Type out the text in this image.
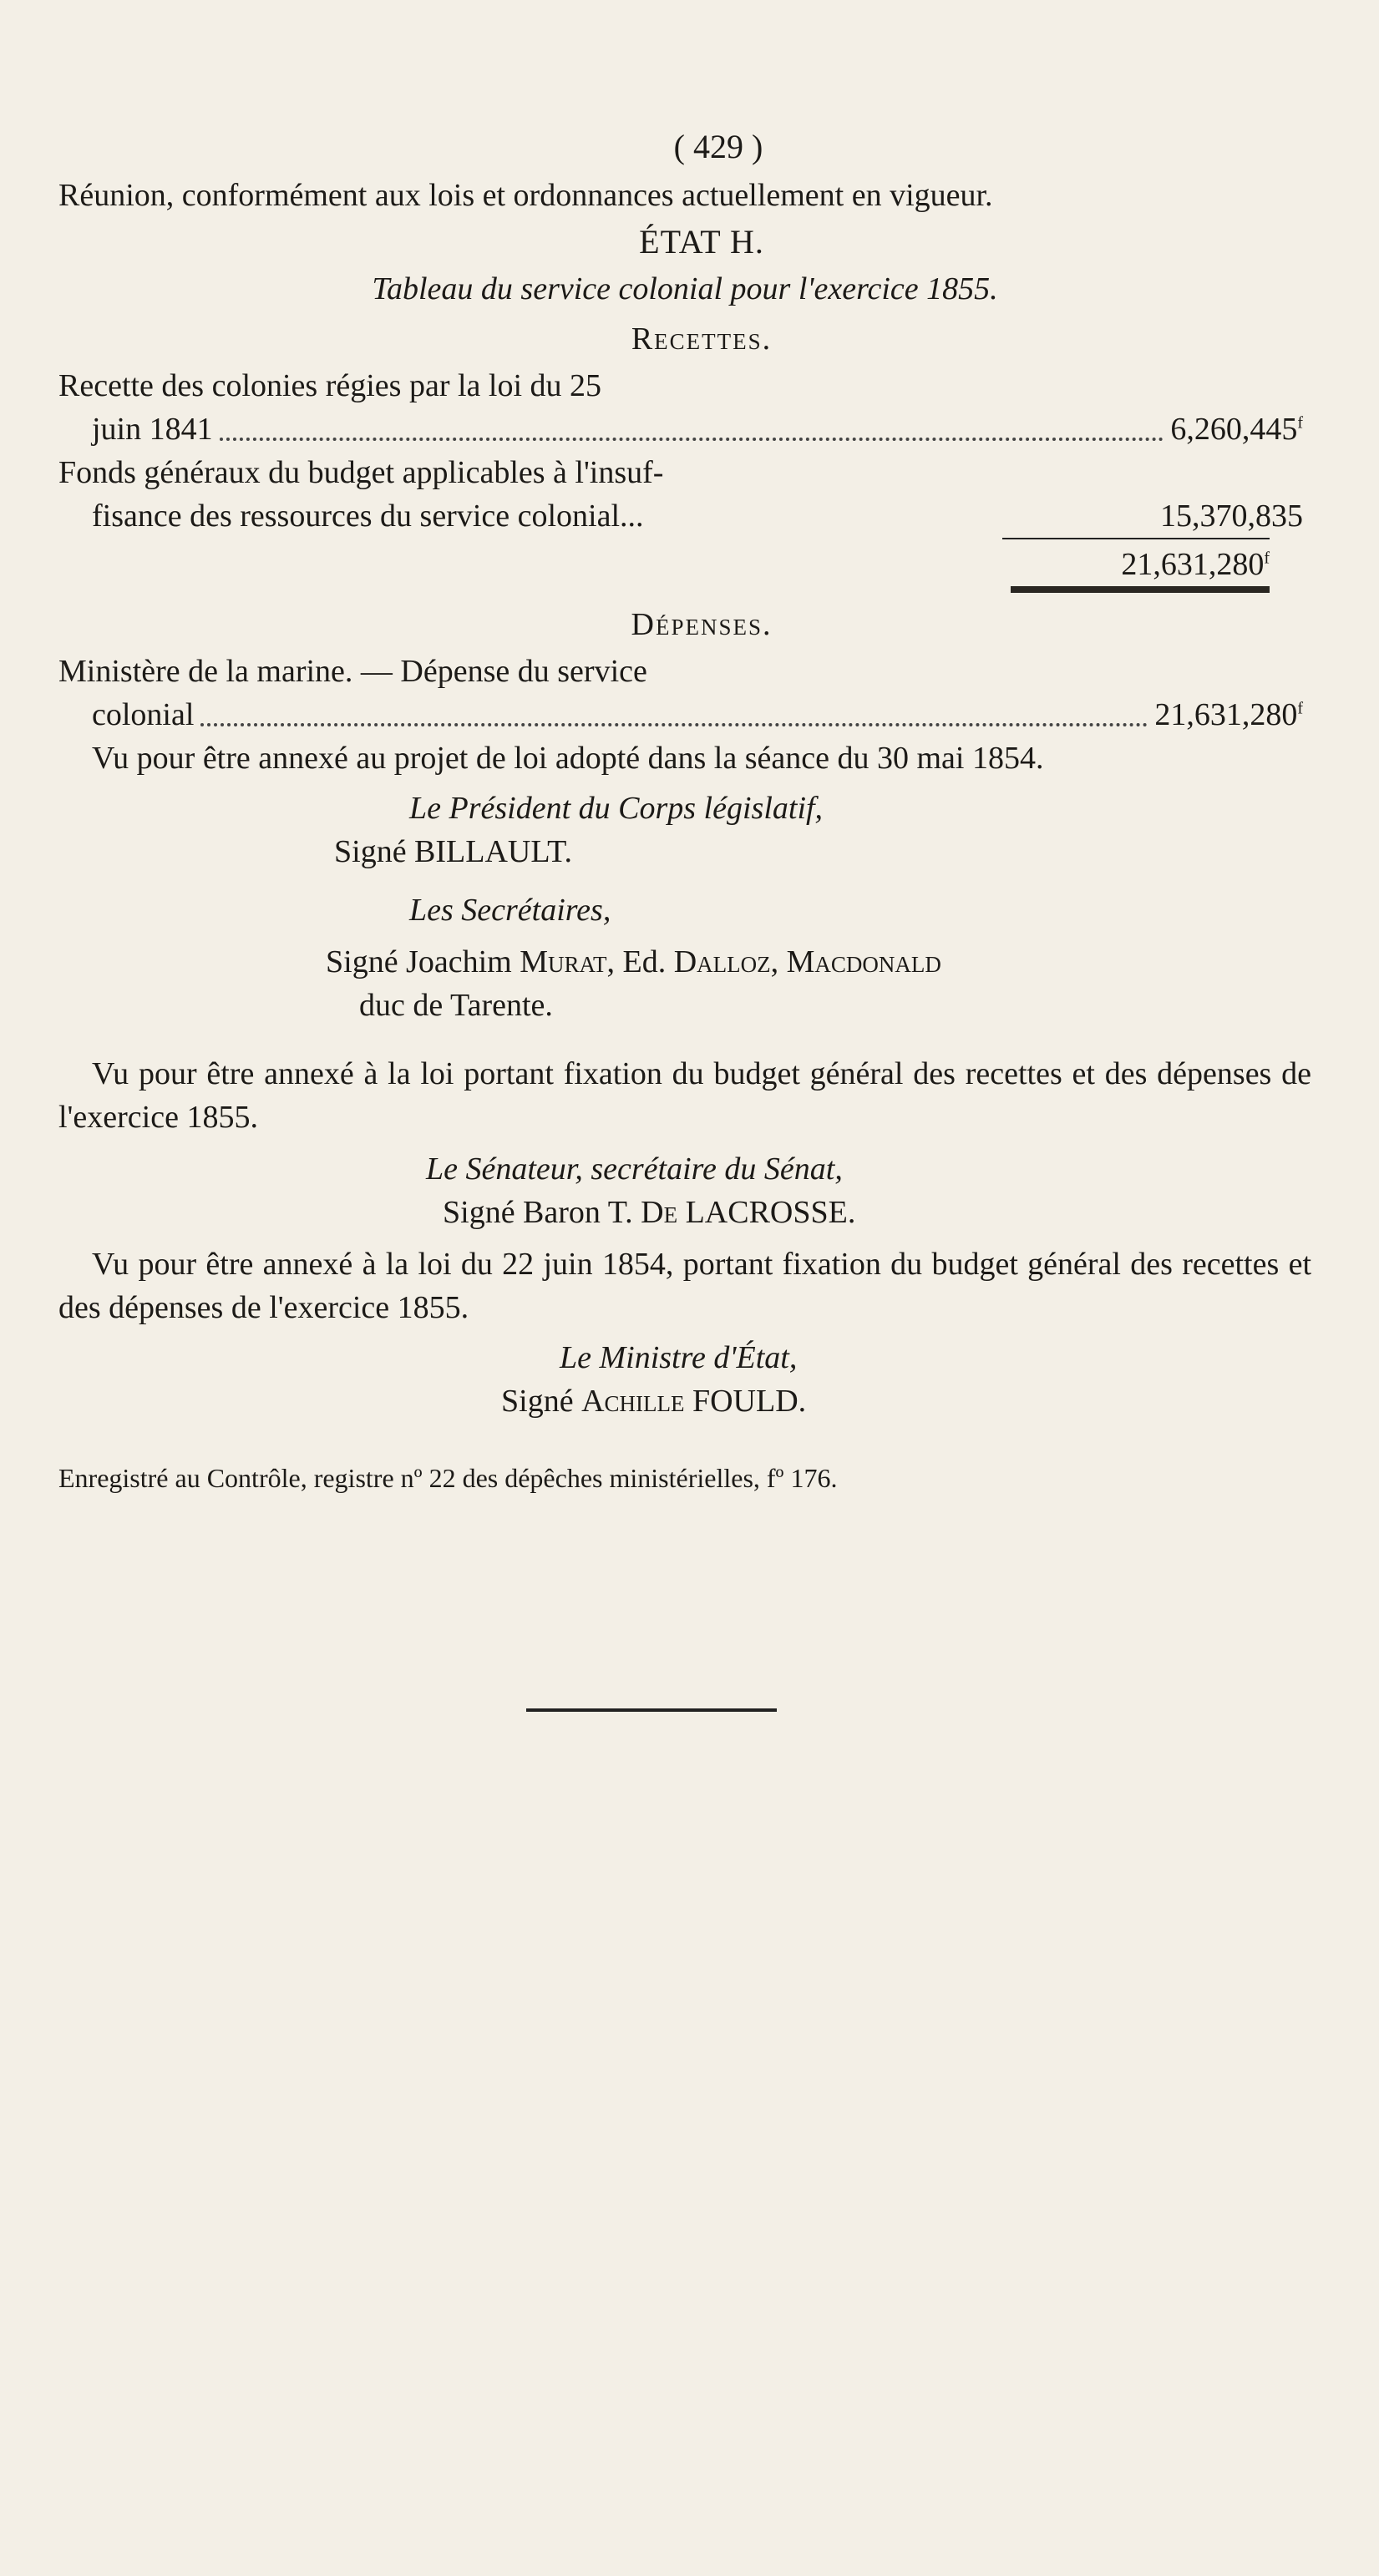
( 429 )

Réunion, conformément aux lois et ordonnances actuellement en vigueur.

ÉTAT H.
Tableau du service colonial pour l'exercice 1855.
Recettes.
Recette des colonies régies par la loi du 25
juin 1841	6,260,445$^f$
Fonds généraux du budget applicables à l'insuf-
fisance des ressources du service colonial...	15,370,835
21,631,280$^f$
Dépenses.
Ministère de la marine. — Dépense du service
colonial	21,631,280$^f$

Vu pour être annexé au projet de loi adopté dans la séance du 30 mai 1854.

Le Président du Corps législatif,
Signé BILLAULT.
Les Secrétaires,
Signé Joachim Murat, Ed. Dalloz, Macdonald
duc de Tarente.

Vu pour être annexé à la loi portant fixation du budget général des recettes et des dépenses de l'exercice 1855.

Le Sénateur, secrétaire du Sénat,
Signé Baron T. De LACROSSE.

Vu pour être annexé à la loi du 22 juin 1854, portant fixation du budget général des recettes et des dépenses de l'exercice 1855.

Le Ministre d'État,
Signé Achille FOULD.
Enregistré au Contrôle, registre nº 22 des dépêches ministérielles, fº 176.
